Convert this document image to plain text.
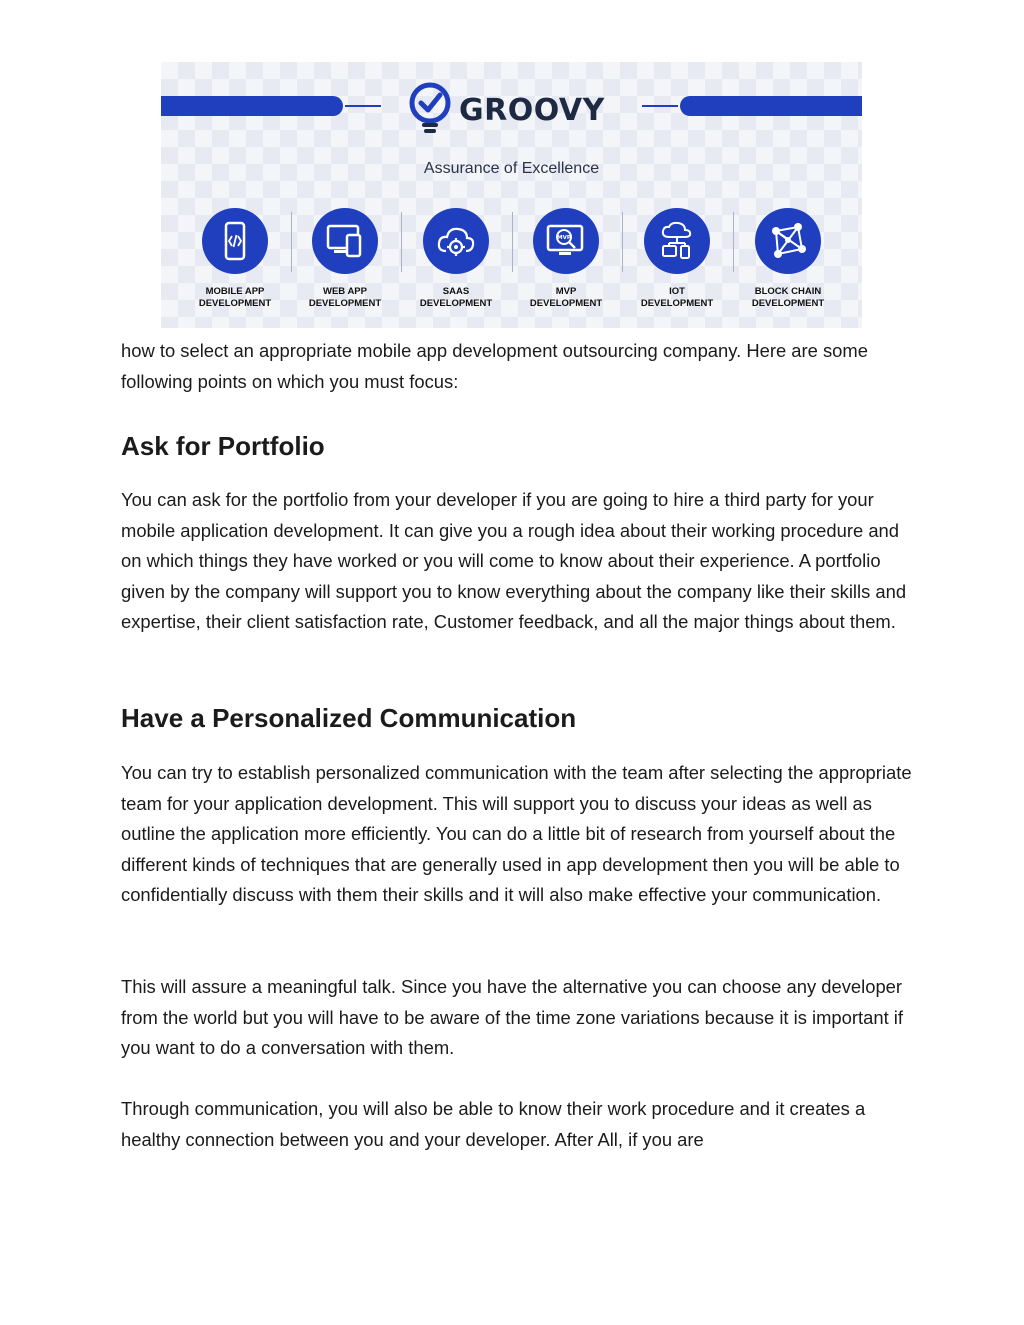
GROOVY
Assurance of Excellence
MOBILE APP
DEVELOPMENT
WEB APP
DEVELOPMENT
SAAS
DEVELOPMENT
MVP
MVP
DEVELOPMENT
IOT
DEVELOPMENT
BLOCK CHAIN
DEVELOPMENT

how to select an appropriate mobile app development outsourcing company. Here are some following points on which you must focus:

Ask for Portfolio

You can ask for the portfolio from your developer if you are going to hire a third party for your mobile application development. It can give you a rough idea about their working procedure and on which things they have worked or you will come to know about their experience. A portfolio given by the company will support you to know everything about the company like their skills and expertise, their client satisfaction rate, Customer feedback, and all the major things about them.

Have a Personalized Communication

You can try to establish personalized communication with the team after selecting the appropriate team for your application development. This will support you to discuss your ideas as well as outline the application more efficiently. You can do a little bit of research from yourself about the different kinds of techniques that are generally used in app development then you will be able to confidentially discuss with them their skills and it will also make effective your communication.

This will assure a meaningful talk. Since you have the alternative you can choose any developer from the world but you will have to be aware of the time zone variations because it is important if you want to do a conversation with them.

Through communication, you will also be able to know their work procedure and it creates a healthy connection between you and your developer. After All, if you are
